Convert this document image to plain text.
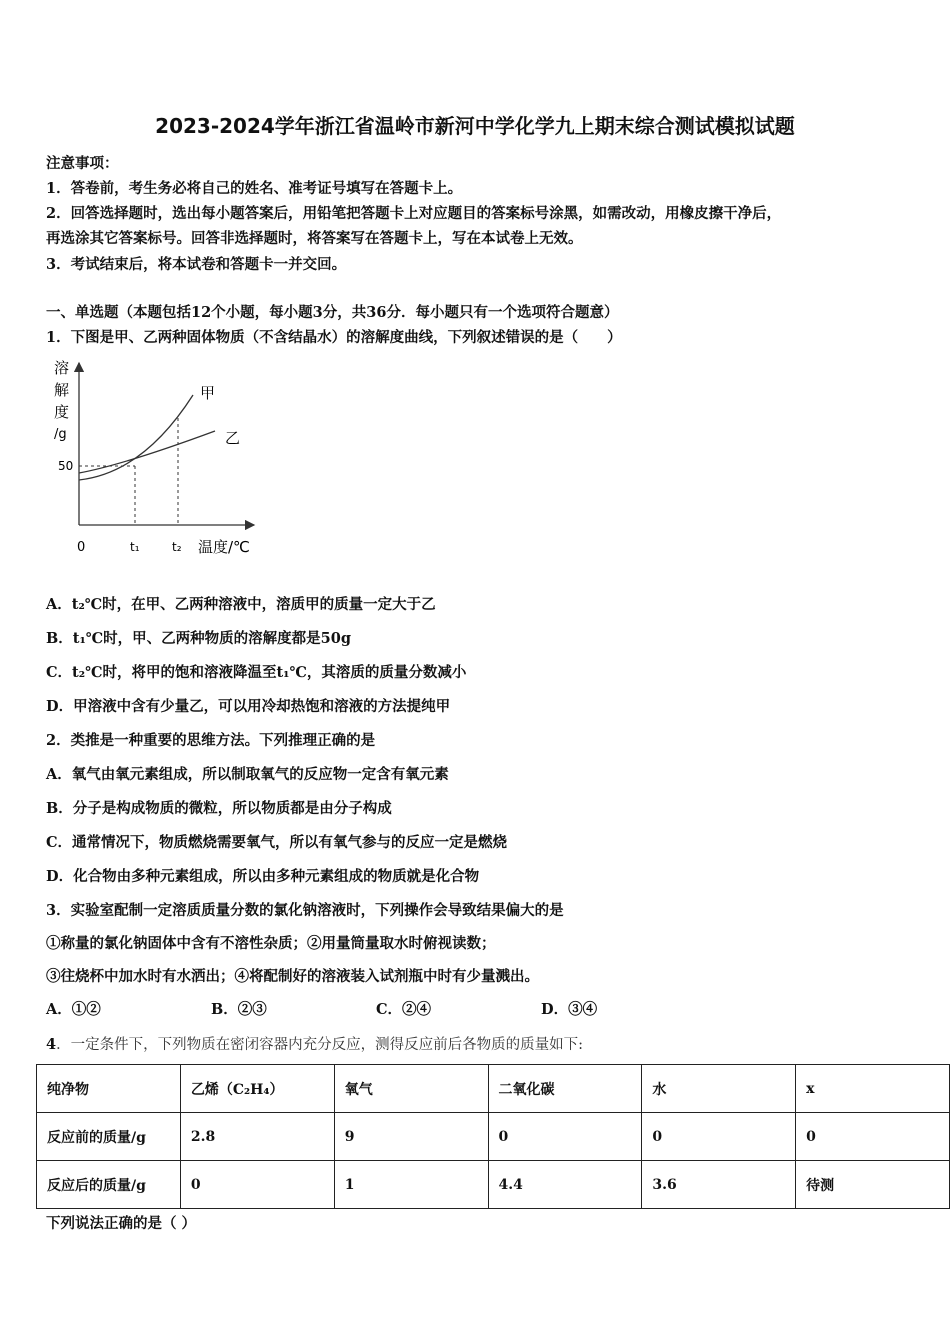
2023-2024学年浙江省温岭市新河中学化学九上期末综合测试模拟试题
注意事项：
1．答卷前，考生务必将自己的姓名、准考证号填写在答题卡上。
2．回答选择题时，选出每小题答案后，用铅笔把答题卡上对应题目的答案标号涂黑，如需改动，用橡皮擦干净后，
再选涂其它答案标号。回答非选择题时，将答案写在答题卡上，写在本试卷上无效。
3．考试结束后，将本试卷和答题卡一并交回。
一、单选题（本题包括12个小题，每小题3分，共36分．每小题只有一个选项符合题意）
1．下图是甲、乙两种固体物质（不含结晶水）的溶解度曲线，下列叙述错误的是（　　）
溶
解
度
/g
50
0	t₁	t₂ 温度/℃
甲
乙
A．t₂℃时，在甲、乙两种溶液中，溶质甲的质量一定大于乙
B．t₁℃时，甲、乙两种物质的溶解度都是50g
C．t₂℃时，将甲的饱和溶液降温至t₁℃，其溶质的质量分数减小
D．甲溶液中含有少量乙，可以用冷却热饱和溶液的方法提纯甲
2．类推是一种重要的思维方法。下列推理正确的是
A．氧气由氧元素组成，所以制取氧气的反应物一定含有氧元素
B．分子是构成物质的微粒，所以物质都是由分子构成
C．通常情况下，物质燃烧需要氧气，所以有氧气参与的反应一定是燃烧
D．化合物由多种元素组成，所以由多种元素组成的物质就是化合物
3．实验室配制一定溶质质量分数的氯化钠溶液时，下列操作会导致结果偏大的是
①称量的氯化钠固体中含有不溶性杂质；②用量筒量取水时俯视读数；
③往烧杯中加水时有水洒出；④将配制好的溶液装入试剂瓶中时有少量溅出。
A．①②	B．②③	C．②④	D．③④
4．一定条件下，下列物质在密闭容器内充分反应，测得反应前后各物质的质量如下:
纯净物	乙烯（C₂H₄）	氧气	二氧化碳	水	x
反应前的质量/g	2.8	9	0	0	0
反应后的质量/g	0	1	4.4	3.6	待测
下列说法正确的是（ ）
